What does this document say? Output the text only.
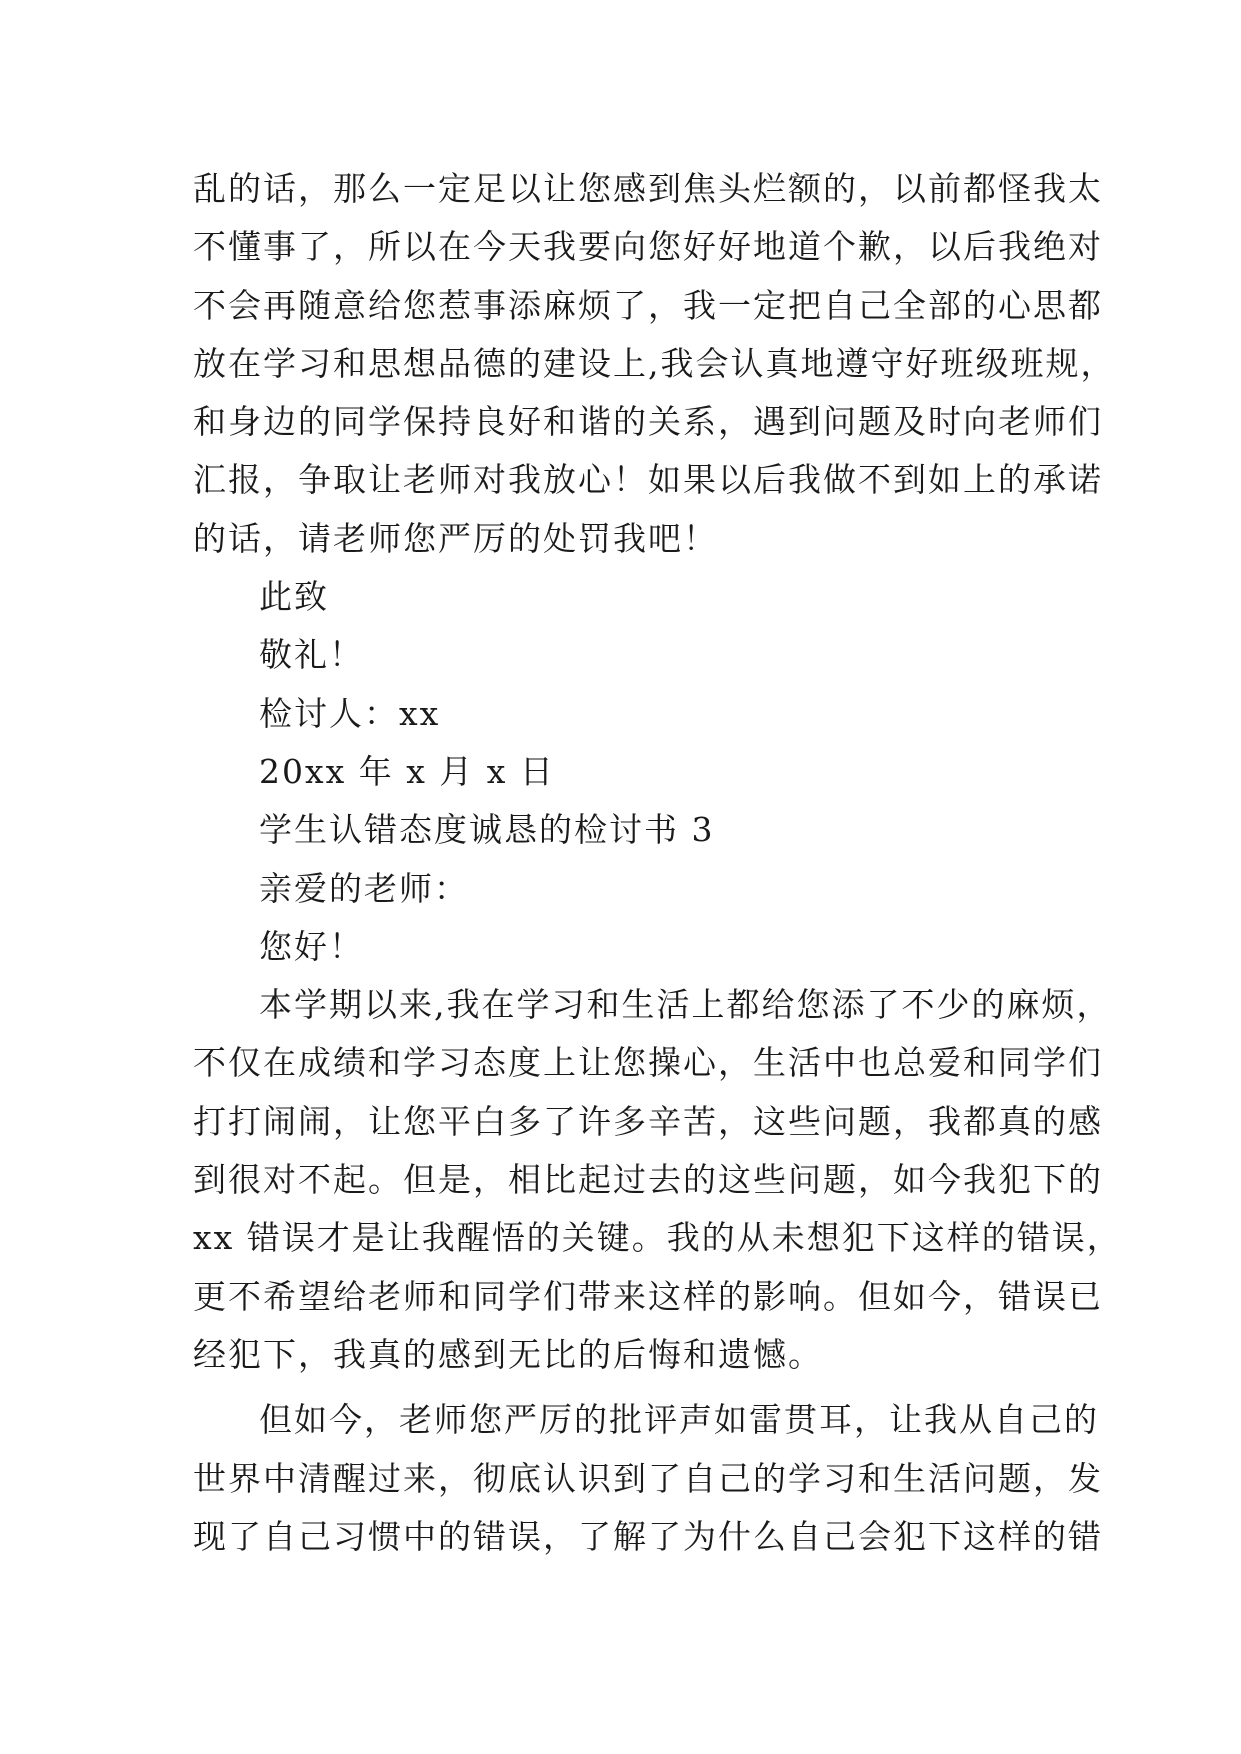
乱的话，那么一定足以让您感到焦头烂额的，以前都怪我太
不懂事了，所以在今天我要向您好好地道个歉，以后我绝对
不会再随意给您惹事添麻烦了，我一定把自己全部的心思都
放在学习和思想品德的建设上,我会认真地遵守好班级班规，
和身边的同学保持良好和谐的关系，遇到问题及时向老师们
汇报，争取让老师对我放心！如果以后我做不到如上的承诺
的话，请老师您严厉的处罚我吧！
此致
敬礼！
检讨人：xx
20xx 年 x 月 x 日
学生认错态度诚恳的检讨书 3
亲爱的老师：
您好！
本学期以来,我在学习和生活上都给您添了不少的麻烦，
不仅在成绩和学习态度上让您操心，生活中也总爱和同学们
打打闹闹，让您平白多了许多辛苦，这些问题，我都真的感
到很对不起。但是，相比起过去的这些问题，如今我犯下的
xx 错误才是让我醒悟的关键。我的从未想犯下这样的错误，
更不希望给老师和同学们带来这样的影响。但如今，错误已
经犯下，我真的感到无比的后悔和遗憾。
但如今，老师您严厉的批评声如雷贯耳，让我从自己的
世界中清醒过来，彻底认识到了自己的学习和生活问题，发
现了自己习惯中的错误，了解了为什么自己会犯下这样的错
